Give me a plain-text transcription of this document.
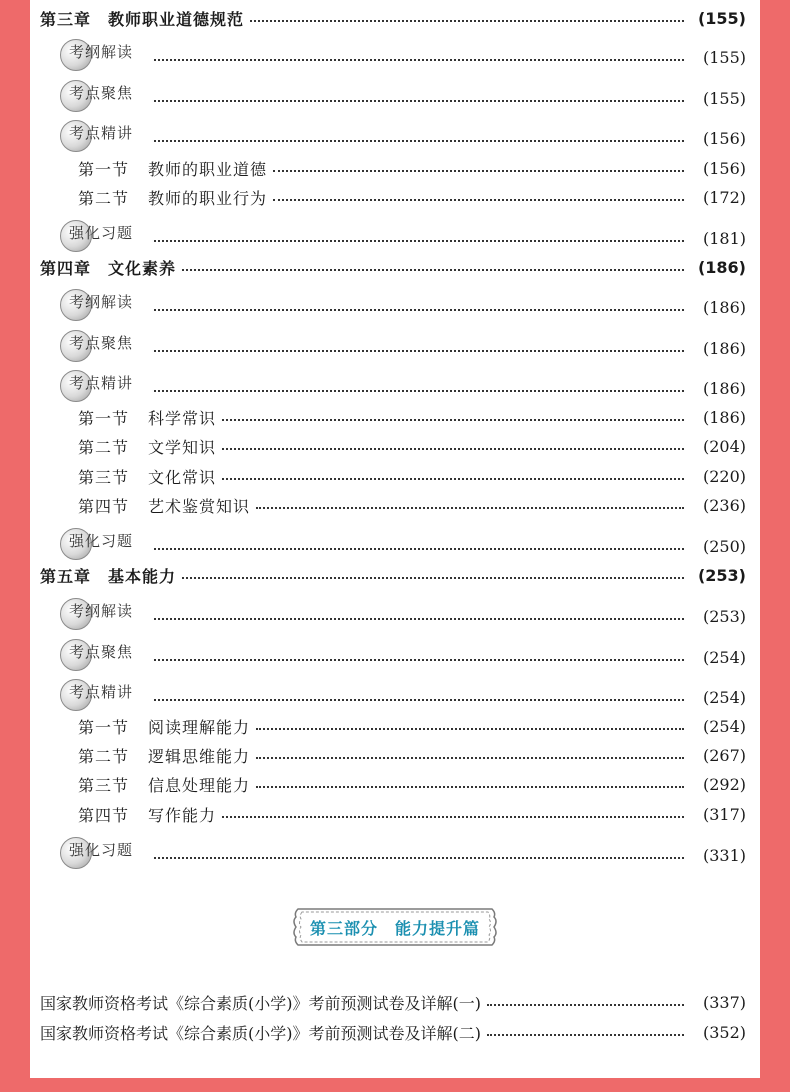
第三章　教师职业道德规范	(155)
考纲解读	(155)
考点聚焦	(155)
考点精讲	(156)
第一节	教师的职业道德	(156)
第二节	教师的职业行为	(172)
强化习题	(181)
第四章　文化素养	(186)
考纲解读	(186)
考点聚焦	(186)
考点精讲	(186)
第一节	科学常识	(186)
第二节	文学知识	(204)
第三节	文化常识	(220)
第四节	艺术鉴赏知识	(236)
强化习题	(250)
第五章　基本能力	(253)
考纲解读	(253)
考点聚焦	(254)
考点精讲	(254)
第一节	阅读理解能力	(254)
第二节	逻辑思维能力	(267)
第三节	信息处理能力	(292)
第四节	写作能力	(317)
强化习题	(331)
第三部分　能力提升篇
国家教师资格考试《综合素质(小学)》考前预测试卷及详解(一)	(337)
国家教师资格考试《综合素质(小学)》考前预测试卷及详解(二)	(352)
